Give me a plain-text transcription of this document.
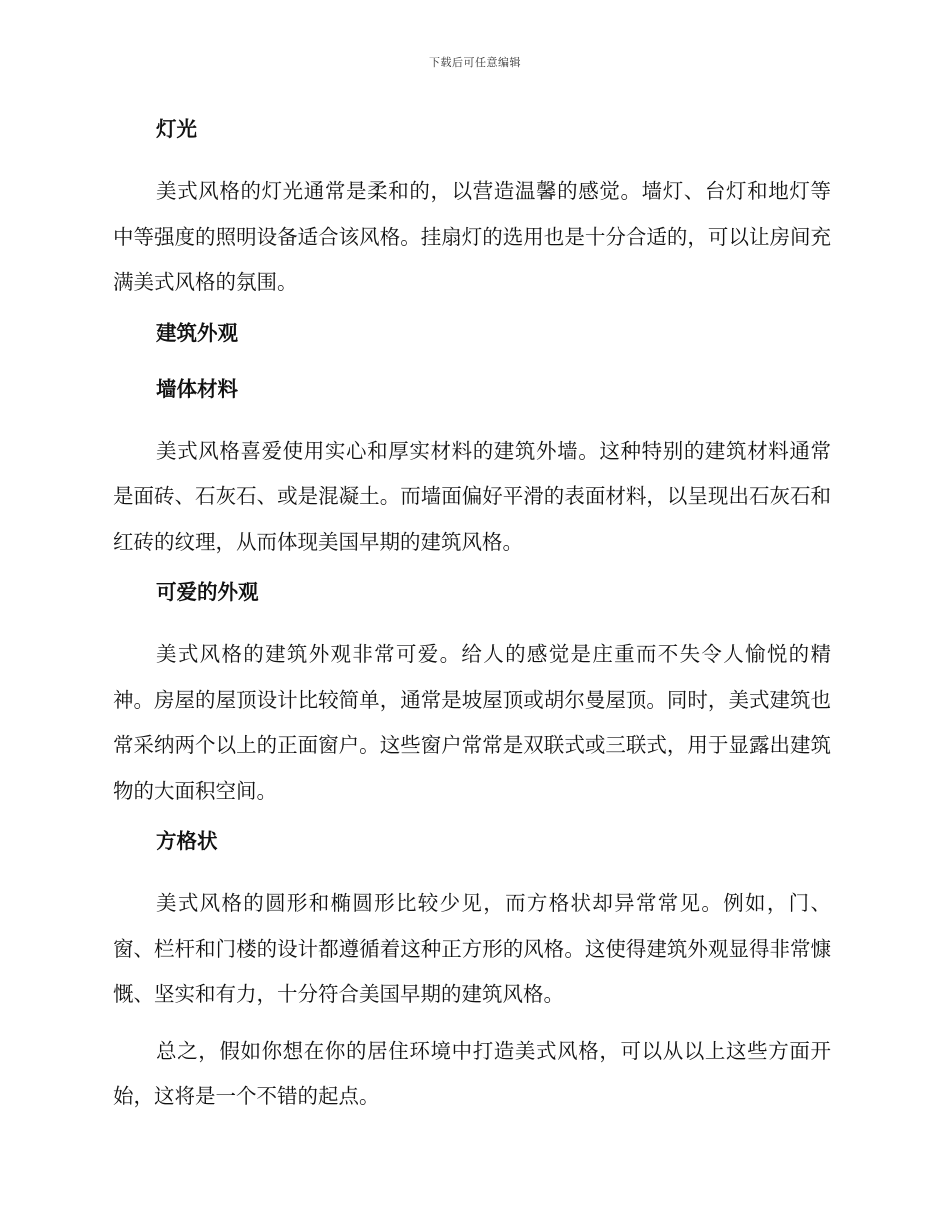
下载后可任意编辑
灯光

美式风格的灯光通常是柔和的，以营造温馨的感觉。墙灯、台灯和地灯等中等强度的照明设备适合该风格。挂扇灯的选用也是十分合适的，可以让房间充满美式风格的氛围。

建筑外观
墙体材料

美式风格喜爱使用实心和厚实材料的建筑外墙。这种特别的建筑材料通常是面砖、石灰石、或是混凝土。而墙面偏好平滑的表面材料，以呈现出石灰石和红砖的纹理，从而体现美国早期的建筑风格。

可爱的外观

美式风格的建筑外观非常可爱。给人的感觉是庄重而不失令人愉悦的精神。房屋的屋顶设计比较简单，通常是坡屋顶或胡尔曼屋顶。同时，美式建筑也常采纳两个以上的正面窗户。这些窗户常常是双联式或三联式，用于显露出建筑物的大面积空间。

方格状

美式风格的圆形和椭圆形比较少见，而方格状却异常常见。例如，门、窗、栏杆和门楼的设计都遵循着这种正方形的风格。这使得建筑外观显得非常慷慨、坚实和有力，十分符合美国早期的建筑风格。

总之，假如你想在你的居住环境中打造美式风格，可以从以上这些方面开始，这将是一个不错的起点。
